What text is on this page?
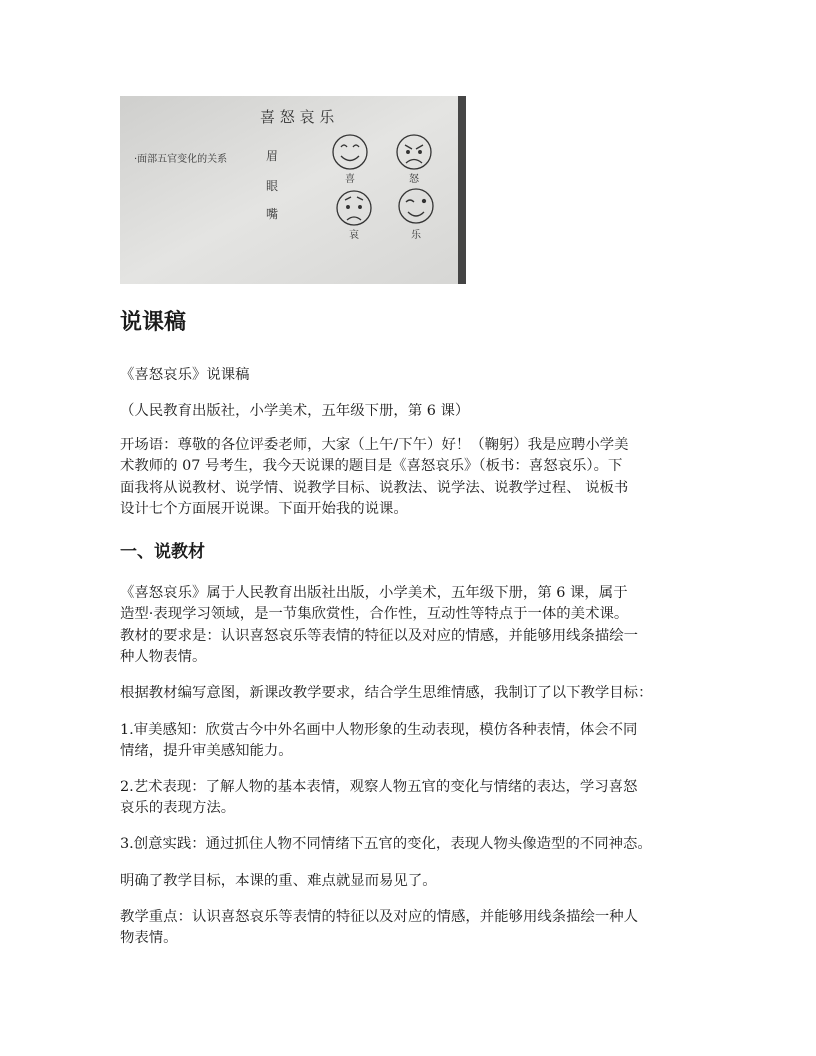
喜 怒 哀 乐
·面部五官变化的关系	眉
眼
嘴
喜	怒
哀	乐
说课稿

《喜怒哀乐》说课稿

（人民教育出版社，小学美术，五年级下册，第 6 课）

开场语：尊敬的各位评委老师，大家（上午/下午）好！（鞠躬）我是应聘小学美

术教师的 07 号考生，我今天说课的题目是《喜怒哀乐》（板书：喜怒哀乐）。下

面我将从说教材、说学情、说教学目标、说教法、说学法、说教学过程、 说板书

设计七个方面展开说课。下面开始我的说课。

一、说教材

《喜怒哀乐》属于人民教育出版社出版，小学美术，五年级下册，第 6 课，属于

造型·表现学习领域，是一节集欣赏性，合作性，互动性等特点于一体的美术课。

教材的要求是：认识喜怒哀乐等表情的特征以及对应的情感，并能够用线条描绘一

种人物表情。

根据教材编写意图，新课改教学要求，结合学生思维情感，我制订了以下教学目标：

1.审美感知：欣赏古今中外名画中人物形象的生动表现，模仿各种表情，体会不同

情绪，提升审美感知能力。

2.艺术表现：了解人物的基本表情，观察人物五官的变化与情绪的表达，学习喜怒

哀乐的表现方法。

3.创意实践：通过抓住人物不同情绪下五官的变化，表现人物头像造型的不同神态。

明确了教学目标，本课的重、难点就显而易见了。

教学重点：认识喜怒哀乐等表情的特征以及对应的情感，并能够用线条描绘一种人

物表情。
